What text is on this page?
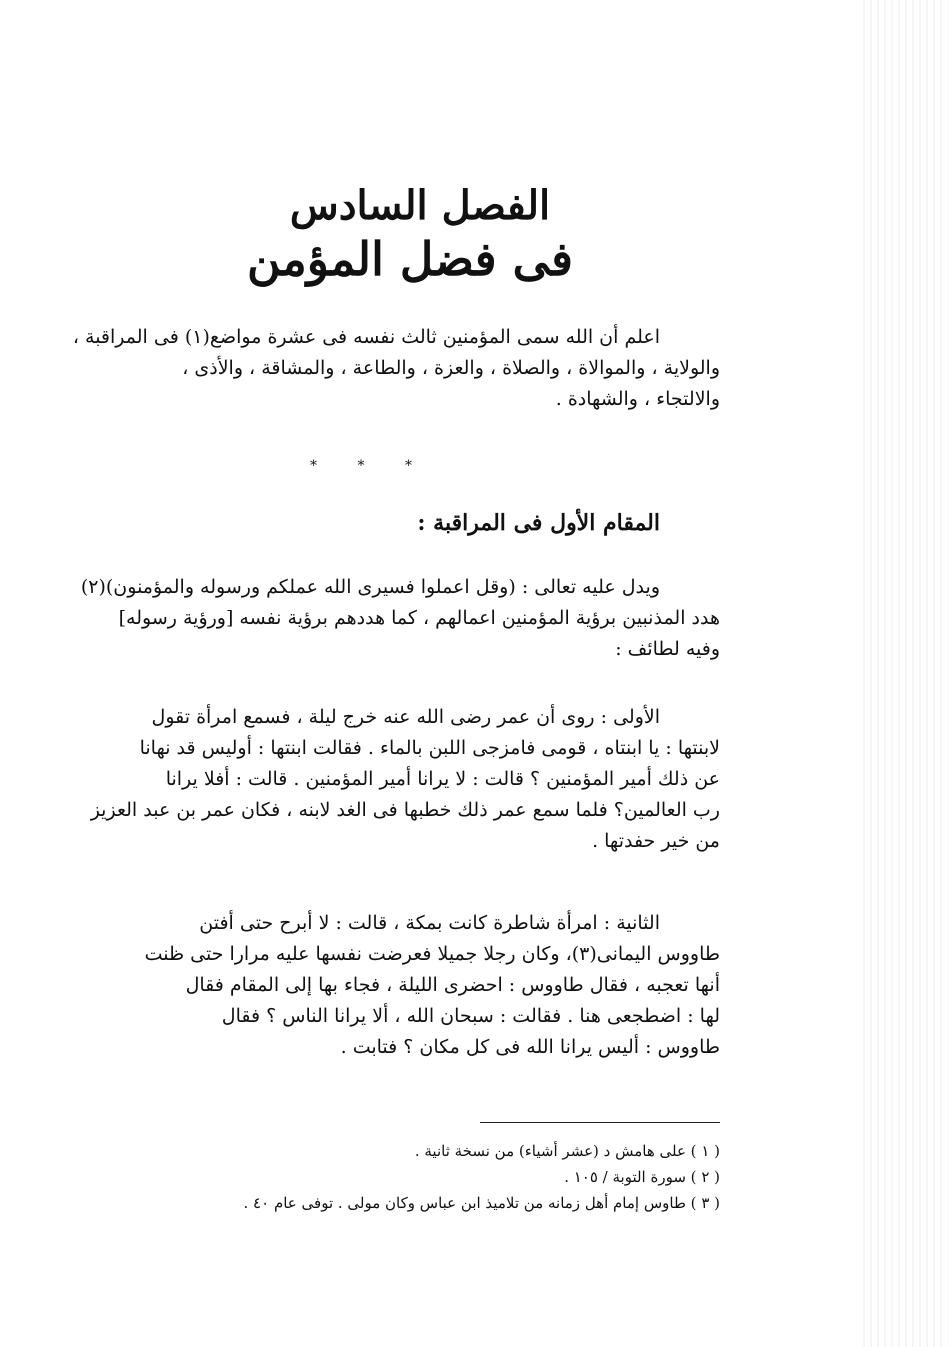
الفصل السادس
فى فضل المؤمن

اعلم أن الله سمى المؤمنين ثالث نفسه فى عشرة مواضع(١) فى المراقبة ،

والولاية ، والموالاة ، والصلاة ، والعزة ، والطاعة ، والمشاقة ، والأذى ،

والالتجاء ، والشهادة .

* * *
المقام الأول فى المراقبة :

ويدل عليه تعالى : (وقل اعملوا فسيرى الله عملكم ورسوله والمؤمنون)(٢)

هدد المذنبين برؤية المؤمنين اعمالهم ، كما هددهم برؤية نفسه [ورؤية رسوله]

وفيه لطائف :

الأولى : روى أن عمر رضى الله عنه خرج ليلة ، فسمع امرأة تقول

لابنتها : يا ابنتاه ، قومى فامزجى اللبن بالماء . فقالت ابنتها : أوليس قد نهانا

عن ذلك أمير المؤمنين ؟ قالت : لا يرانا أمير المؤمنين . قالت : أفلا يرانا

رب العالمين؟ فلما سمع عمر ذلك خطبها فى الغد لابنه ، فكان عمر بن عبد العزيز

من خير حفدتها .

الثانية : امرأة شاطرة كانت بمكة ، قالت : لا أبرح حتى أفتن

طاووس اليمانى(٣)، وكان رجلا جميلا فعرضت نفسها عليه مرارا حتى ظنت

أنها تعجبه ، فقال طاووس : احضرى الليلة ، فجاء بها إلى المقام فقال

لها : اضطجعى هنا . فقالت : سبحان الله ، ألا يرانا الناس ؟ فقال

طاووس : أليس يرانا الله فى كل مكان ؟ فتابت .

( ١ ) على هامش د (عشر أشياء) من نسخة ثانية .
( ٢ ) سورة التوبة / ١٠٥ .
( ٣ ) طاوس إمام أهل زمانه من تلاميذ ابن عباس وكان مولى . توفى عام ٤٠ .
